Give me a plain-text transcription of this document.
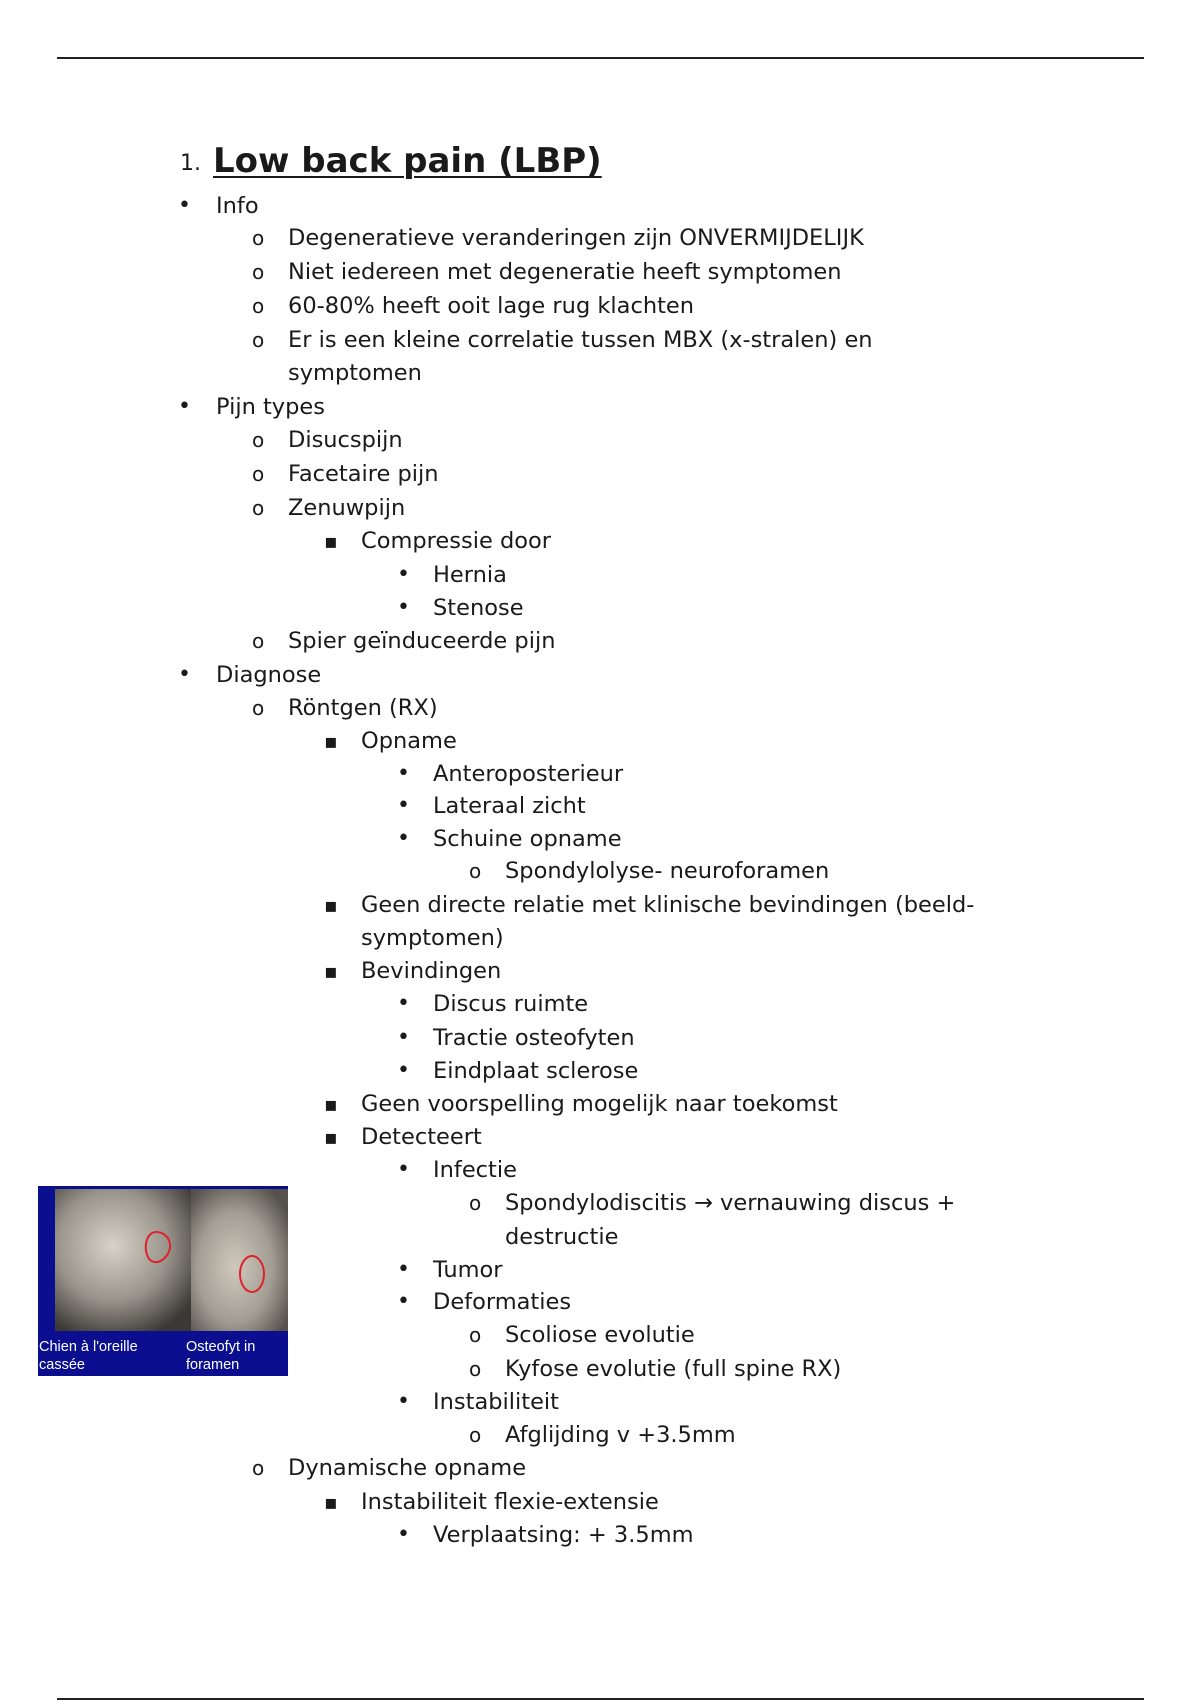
1. Low back pain (LBP)
•
Info
o
Degeneratieve veranderingen zijn ONVERMIJDELIJK
o
Niet iedereen met degeneratie heeft symptomen
o
60-80% heeft ooit lage rug klachten
o
Er is een kleine correlatie tussen MBX (x-stralen) en
symptomen
•
Pijn types
o
Disucspijn
o
Facetaire pijn
o
Zenuwpijn
▪
Compressie door
•
Hernia
•
Stenose
o
Spier geïnduceerde pijn
•
Diagnose
o
Röntgen (RX)
▪
Opname
•
Anteroposterieur
•
Lateraal zicht
•
Schuine opname
o
Spondylolyse- neuroforamen
▪
Geen directe relatie met klinische bevindingen (beeld-
symptomen)
▪
Bevindingen
•
Discus ruimte
•
Tractie osteofyten
•
Eindplaat sclerose
▪
Geen voorspelling mogelijk naar toekomst
▪
Detecteert
•
Infectie
o
Spondylodiscitis → vernauwing discus +
destructie
•
Tumor
•
Deformaties
o
Scoliose evolutie
o
Kyfose evolutie (full spine RX)
•
Instabiliteit
o
Afglijding v +3.5mm
o
Dynamische opname
▪
Instabiliteit flexie-extensie
•
Verplaatsing: + 3.5mm
Chien à l'oreille
cassée
Osteofyt in
foramen
